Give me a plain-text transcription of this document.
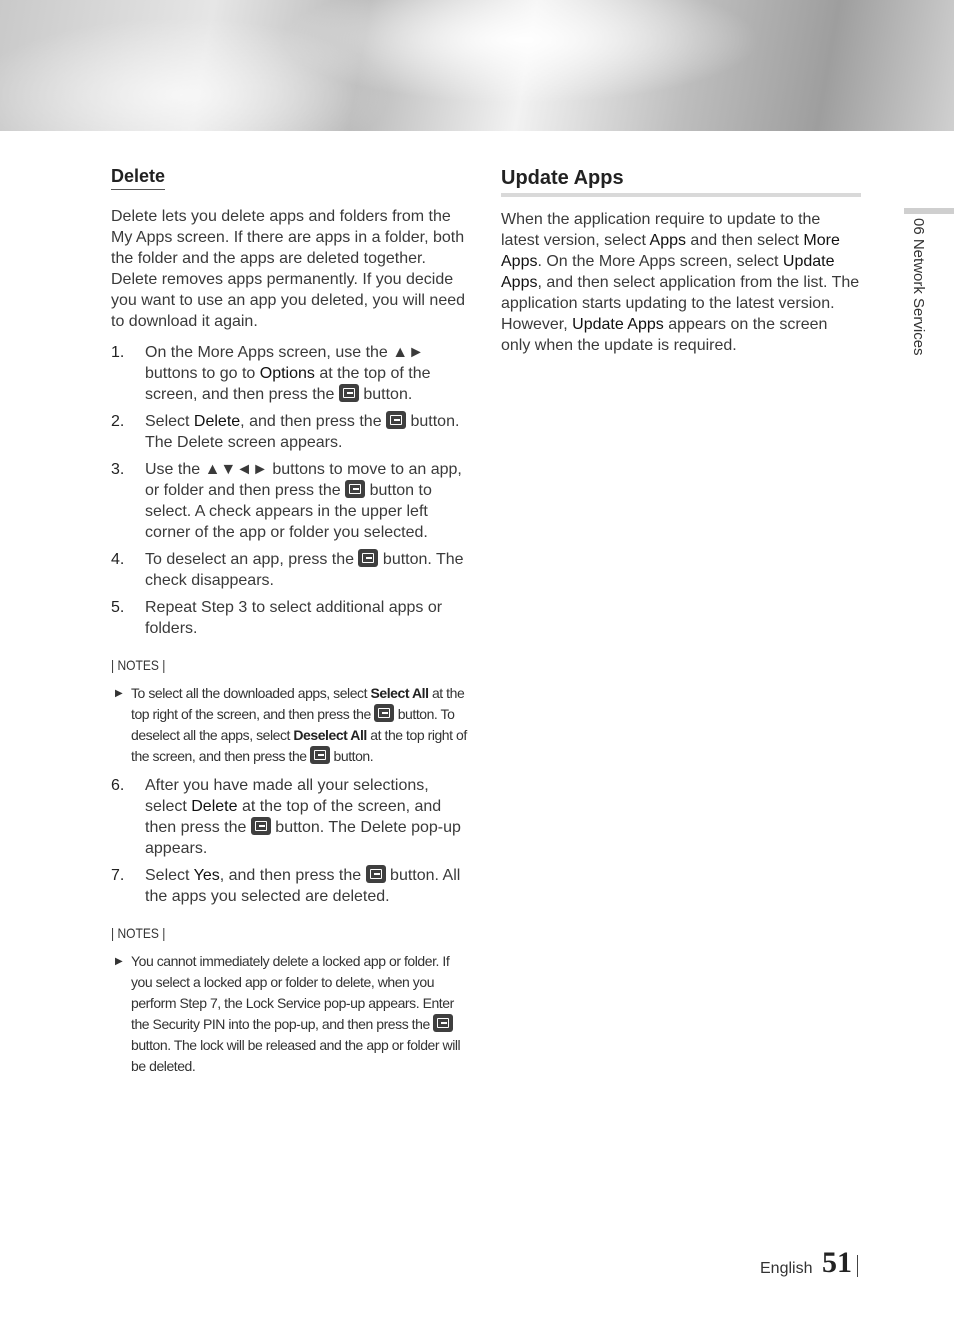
Delete

Delete lets you delete apps and folders from the My Apps screen. If there are apps in a folder, both the folder and the apps are deleted together. Delete removes apps permanently. If you decide you want to use an app you deleted, you will need to download it again.

1. On the More Apps screen, use the ▲► buttons to go to Options at the top of the screen, and then press the  button.
2. Select Delete, and then press the  button. The Delete screen appears.
3. Use the ▲▼◄► buttons to move to an app, or folder and then press the  button to select. A check appears in the upper left corner of the app or folder you selected.
4. To deselect an app, press the  button. The check disappears.
5. Repeat Step 3 to select additional apps or folders.
| NOTES |
▶ To select all the downloaded apps, select Select All at the top right of the screen, and then press the  button. To deselect all the apps, select Deselect All at the top right of the screen, and then press the  button.
6. After you have made all your selections, select Delete at the top of the screen, and then press the  button. The Delete pop-up appears.
7. Select Yes, and then press the  button. All the apps you selected are deleted.
| NOTES |
▶ You cannot immediately delete a locked app or folder. If you select a locked app or folder to delete, when you perform Step 7, the Lock Service pop-up appears. Enter the Security PIN into the pop-up, and then press the  button. The lock will be released and the app or folder will be deleted.
Update Apps

When the application require to update to the latest version, select Apps and then select More Apps. On the More Apps screen, select Update Apps, and then select application from the list. The application starts updating to the latest version. However, Update Apps appears on the screen only when the update is required.	06 Network Services
English 51
